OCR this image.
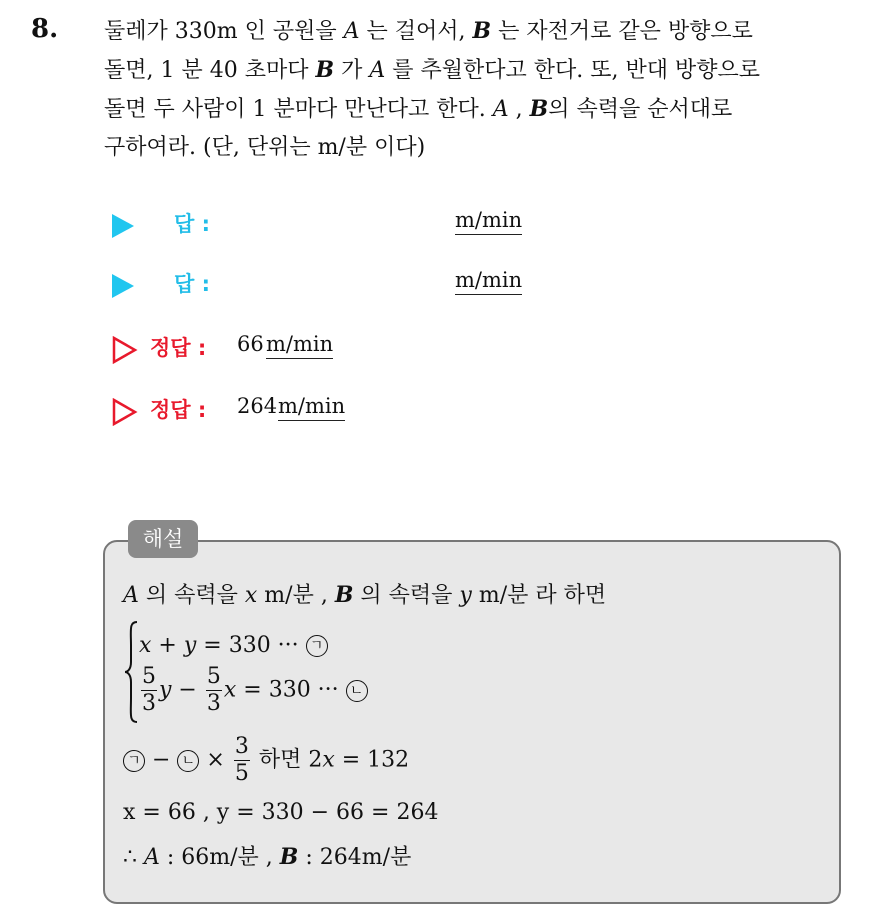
8. 둘레가 330m 인 공원을 A 는 걸어서, B 는 자전거로 같은 방향으로

돌면, 1 분 40 초마다 B 가 A 를 추월한다고 한다. 또, 반대 방향으로

돌면 두 사람이 1 분마다 만난다고 한다. A , B의 속력을 순서대로

구하여라. (단, 단위는 m/분 이다)

답 :	m/min
답 :	m/min
정답 : 66 m/min
정답 : 264 m/min
해설
A 의 속력을 x m/분 , B 의 속력을 y m/분 라 하면
x + y = 330 ··· ㄱ
$\frac{5}{3}$ $y - \frac{5}{3}$ x = 330 ··· ㄴ
ㄱ − ㄴ × $\frac{3}{5}$ 하면 2x = 132
x = 66 , y = 330 − 66 = 264
∴ A : 66m/분 , B : 264m/분
